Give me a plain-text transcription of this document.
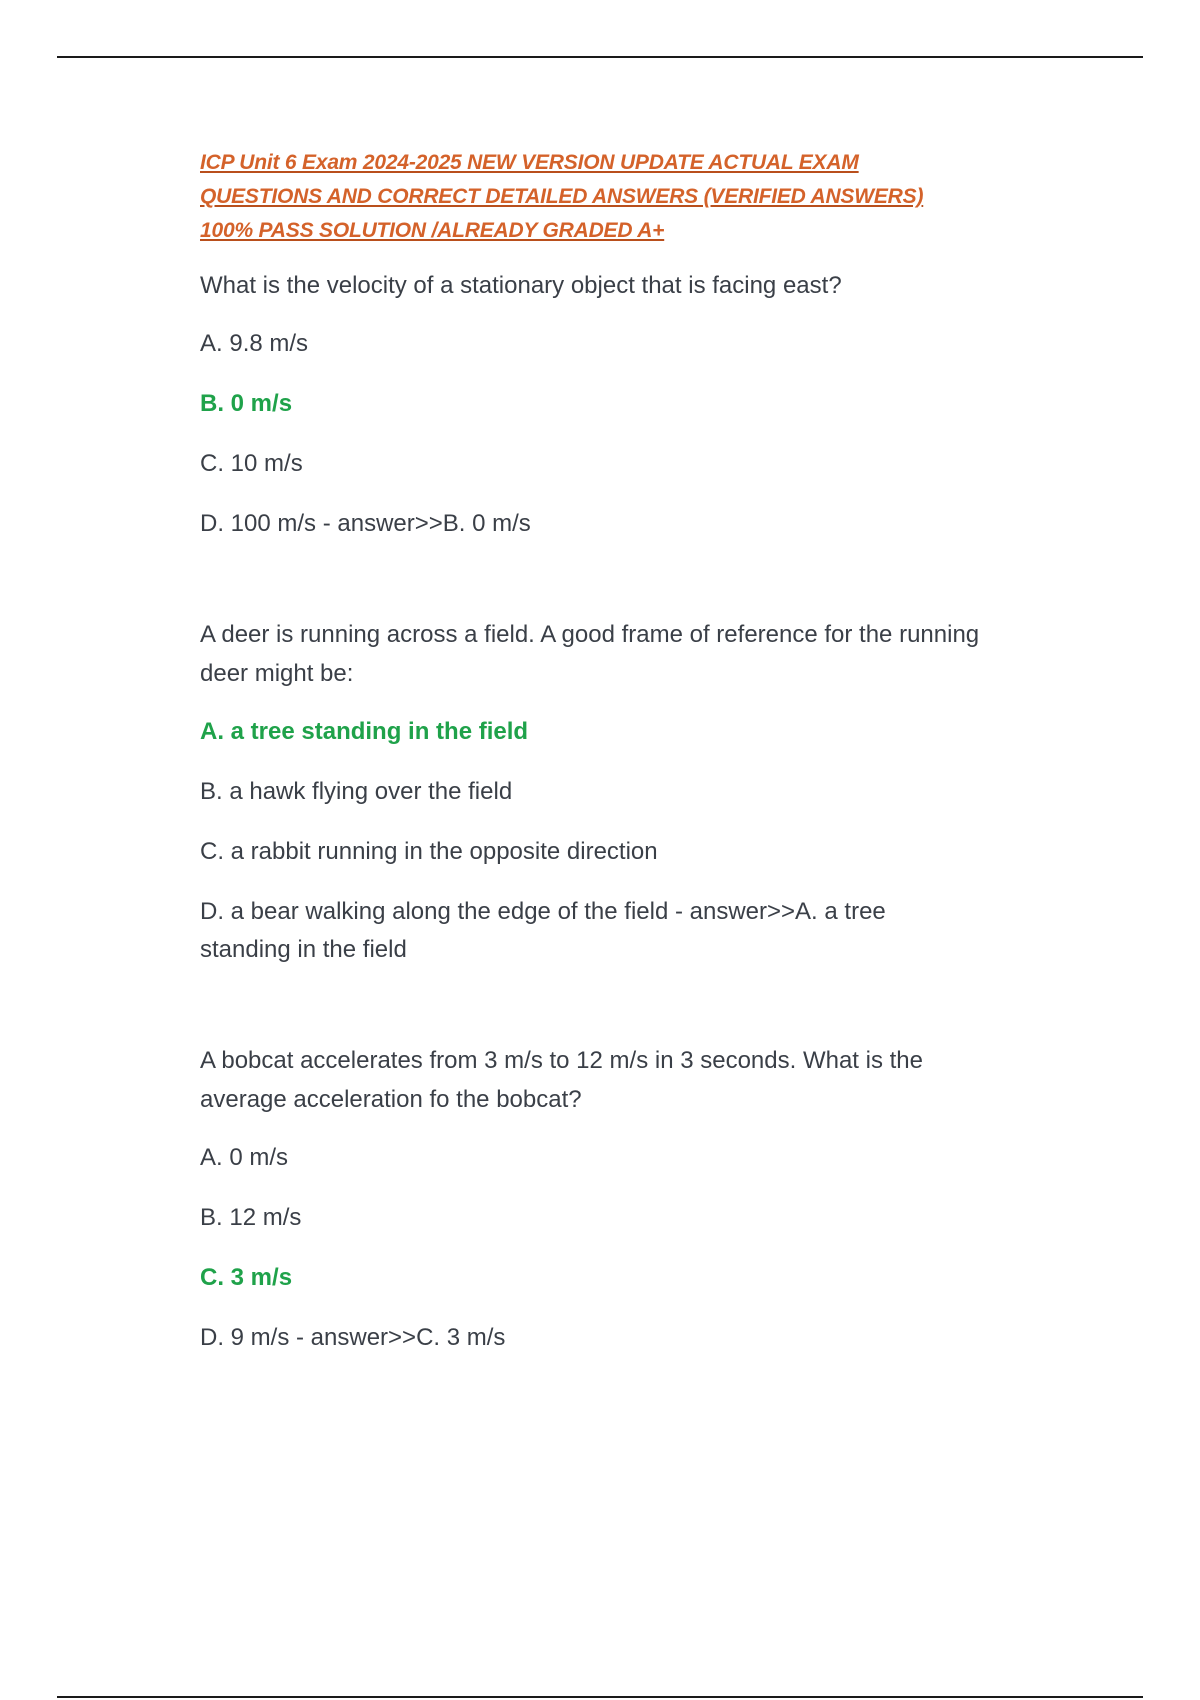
ICP Unit 6 Exam 2024-2025 NEW VERSION UPDATE ACTUAL EXAM QUESTIONS AND CORRECT DETAILED ANSWERS (VERIFIED ANSWERS) 100% PASS SOLUTION /ALREADY GRADED A+
What is the velocity of a stationary object that is facing east?
A. 9.8 m/s
B. 0 m/s
C. 10 m/s
D. 100 m/s - answer>>B. 0 m/s
A deer is running across a field. A good frame of reference for the running deer might be:
A. a tree standing in the field
B. a hawk flying over the field
C. a rabbit running in the opposite direction
D. a bear walking along the edge of the field - answer>>A. a tree standing in the field
A bobcat accelerates from 3 m/s to 12 m/s in 3 seconds. What is the average acceleration fo the bobcat?
A. 0 m/s
B. 12 m/s
C. 3 m/s
D. 9 m/s - answer>>C. 3 m/s
